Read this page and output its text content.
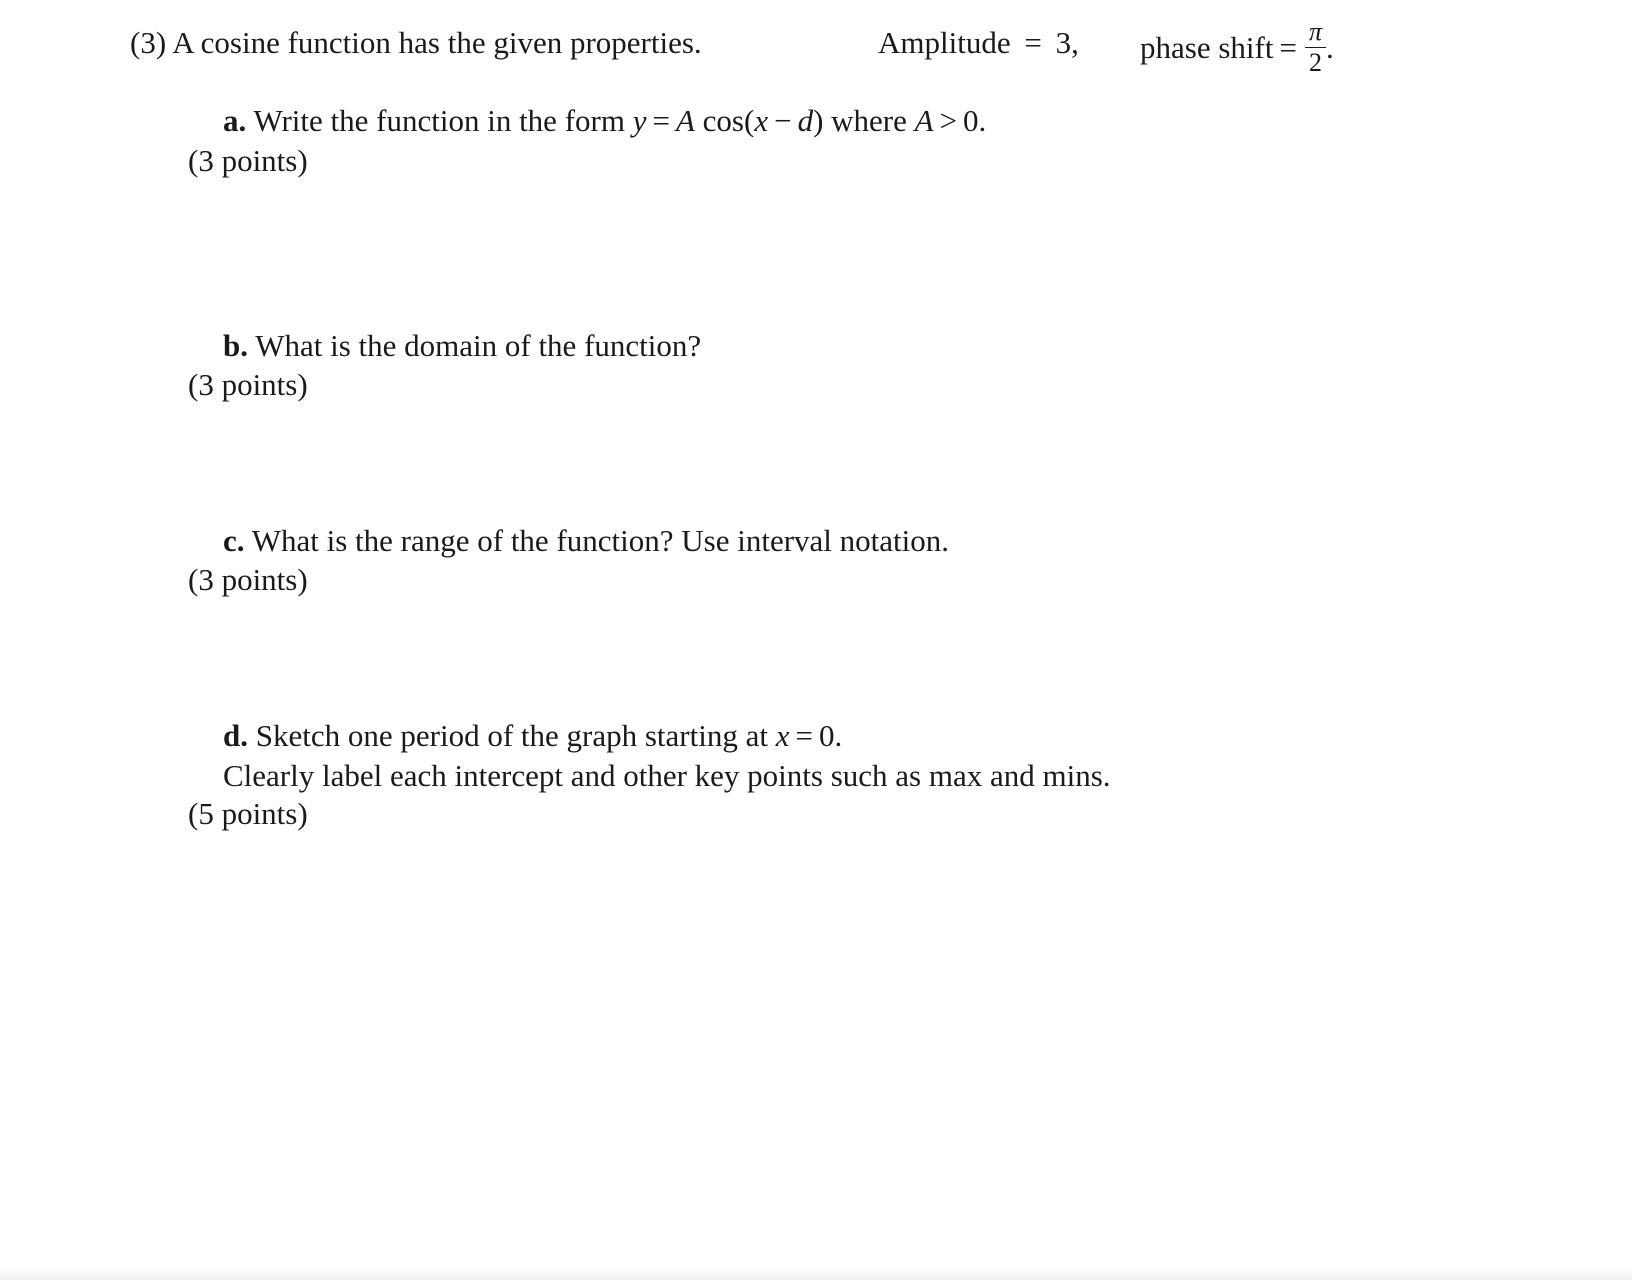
(3) A cosine function has the given properties.	Amplitude = 3, phase shift = $\frac{\pi}{2}$ .
a. Write the function in the form y = A cos(x − d) where A > 0.
(3 points)
b. What is the domain of the function?
(3 points)
c. What is the range of the function? Use interval notation.
(3 points)
d. Sketch one period of the graph starting at x = 0.
Clearly label each intercept and other key points such as max and mins.
(5 points)
